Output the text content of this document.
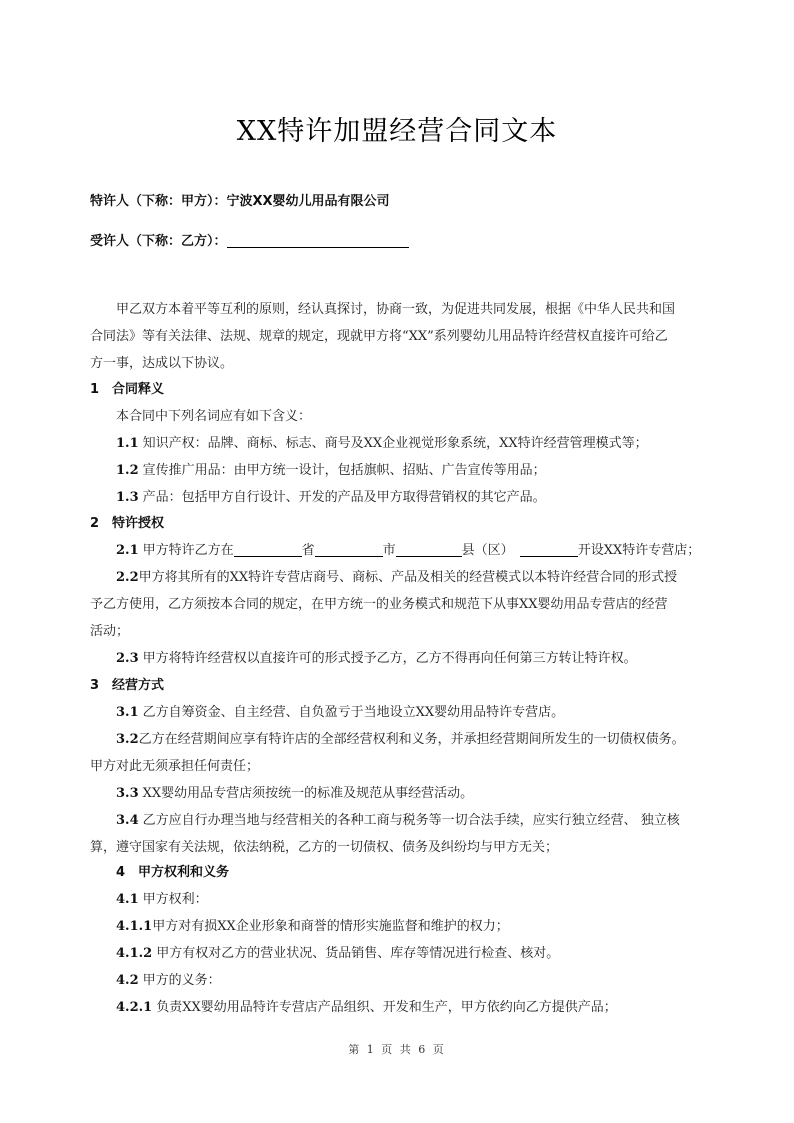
XX特许加盟经营合同文本
特许人（下称：甲方）：宁波XX婴幼儿用品有限公司
受许人（下称：乙方）：
甲乙双方本着平等互利的原则，经认真探讨，协商一致，为促进共同发展，根据《中华人民共和国
合同法》等有关法律、法规、规章的规定，现就甲方将“XX”系列婴幼儿用品特许经营权直接许可给乙
方一事，达成以下协议。
1 合同释义
本合同中下列名词应有如下含义：
1.1 知识产权：品牌、商标、标志、商号及XX企业视觉形象系统，XX特许经营管理模式等；
1.2 宣传推广用品：由甲方统一设计，包括旗帜、招贴、广告宣传等用品；
1.3 产品：包括甲方自行设计、开发的产品及甲方取得营销权的其它产品。
2 特许授权
2.1 甲方特许乙方在	省	市	县（区）	开设XX特许专营店；
2.2甲方将其所有的XX特许专营店商号、商标、产品及相关的经营模式以本特许经营合同的形式授
予乙方使用，乙方须按本合同的规定，在甲方统一的业务模式和规范下从事XX婴幼用品专营店的经营
活动；
2.3 甲方将特许经营权以直接许可的形式授予乙方，乙方不得再向任何第三方转让特许权。
3 经营方式
3.1 乙方自筹资金、自主经营、自负盈亏于当地设立XX婴幼用品特许专营店。
3.2乙方在经营期间应享有特许店的全部经营权利和义务，并承担经营期间所发生的一切债权债务。
甲方对此无须承担任何责任；
3.3 XX婴幼用品专营店须按统一的标准及规范从事经营活动。
3.4 乙方应自行办理当地与经营相关的各种工商与税务等一切合法手续，应实行独立经营、 独立核
算，遵守国家有关法规，依法纳税，乙方的一切债权、债务及纠纷均与甲方无关；
4 甲方权利和义务
4.1 甲方权利：
4.1.1甲方对有损XX企业形象和商誉的情形实施监督和维护的权力；
4.1.2 甲方有权对乙方的营业状况、货品销售、库存等情况进行检查、核对。
4.2 甲方的义务：
4.2.1 负责XX婴幼用品特许专营店产品组织、开发和生产，甲方依约向乙方提供产品；
第 1 页 共 6 页
